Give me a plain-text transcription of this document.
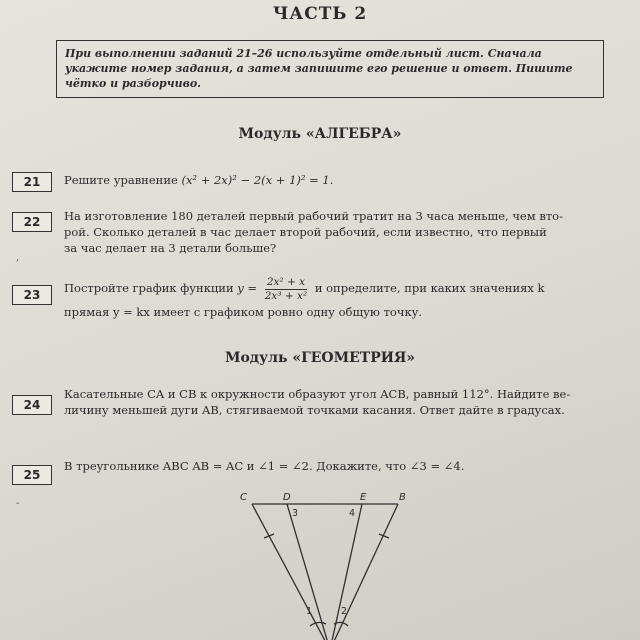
ЧАСТЬ 2
При выполнении заданий 21–26 используйте отдельный лист. Сначала укажите номер задания, а затем запишите его решение и ответ. Пишите чётко и разборчиво.
Модуль «АЛГЕБРА»
21	Решите уравнение (x² + 2x)² − 2(x + 1)² = 1.
22	На изготовление 180 деталей первый рабочий тратит на 3 часа меньше, чем вто-
рой. Сколько деталей в час делает второй рабочий, если известно, что первый
за час делает на 3 детали больше?
,
23	Постройте график функции $y = \frac{\text{2x² + x}}{\text{2x³ + x²}}$ и определите, при каких значениях k
прямая y = kx имеет с графиком ровно одну общую точку.
Модуль «ГЕОМЕТРИЯ»
24
Касательные CA и CB к окружности образуют угол ACB, равный 112°. Найдите ве-
личину меньшей дуги AB, стягиваемой точками касания. Ответ дайте в градусах.
25
В треугольнике ABC AB = AC и ∠1 = ∠2. Докажите, что ∠3 = ∠4.
-
C	D	E	B
3	4
1	2
